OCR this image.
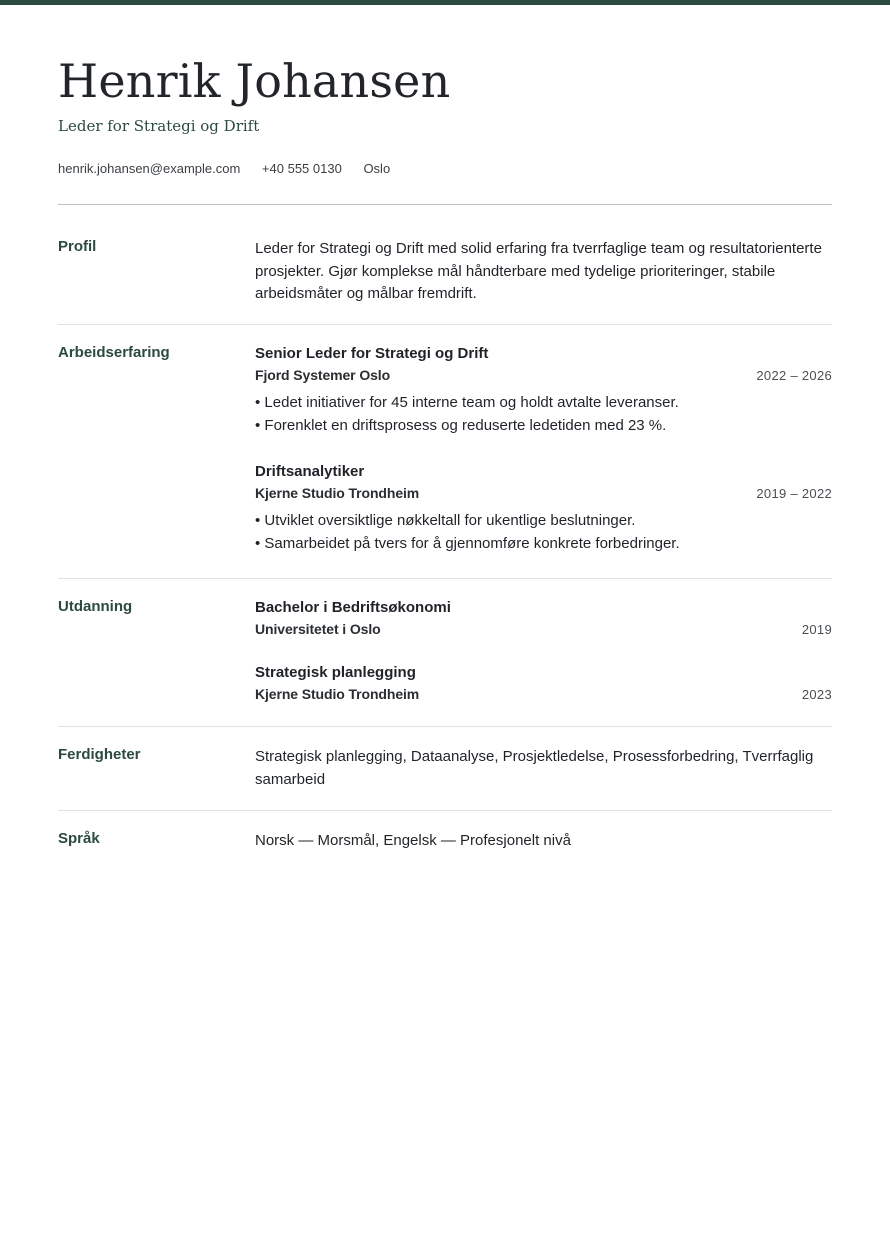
Henrik Johansen
Leder for Strategi og Drift
henrik.johansen@example.com +40 555 0130 Oslo
Profil	Leder for Strategi og Drift med solid erfaring fra tverrfaglige team og resultatorienterte prosjekter. Gjør komplekse mål håndterbare med tydelige prioriteringer, stabile arbeidsmåter og målbar fremdrift.

Arbeidserfaring	Senior Leder for Strategi og Drift
Fjord Systemer Oslo	2022 – 2026
• Ledet initiativer for 45 interne team og holdt avtalte leveranser.
• Forenklet en driftsprosess og reduserte ledetiden med 23 %.
Driftsanalytiker
Kjerne Studio Trondheim	2019 – 2022
• Utviklet oversiktlige nøkkeltall for ukentlige beslutninger.
• Samarbeidet på tvers for å gjennomføre konkrete forbedringer.
Utdanning	Bachelor i Bedriftsøkonomi
Universitetet i Oslo	2019
Strategisk planlegging
Kjerne Studio Trondheim	2023
Ferdigheter	Strategisk planlegging, Dataanalyse, Prosjektledelse, Prosessforbedring, Tverrfaglig samarbeid

Språk	Norsk — Morsmål, Engelsk — Profesjonelt nivå
